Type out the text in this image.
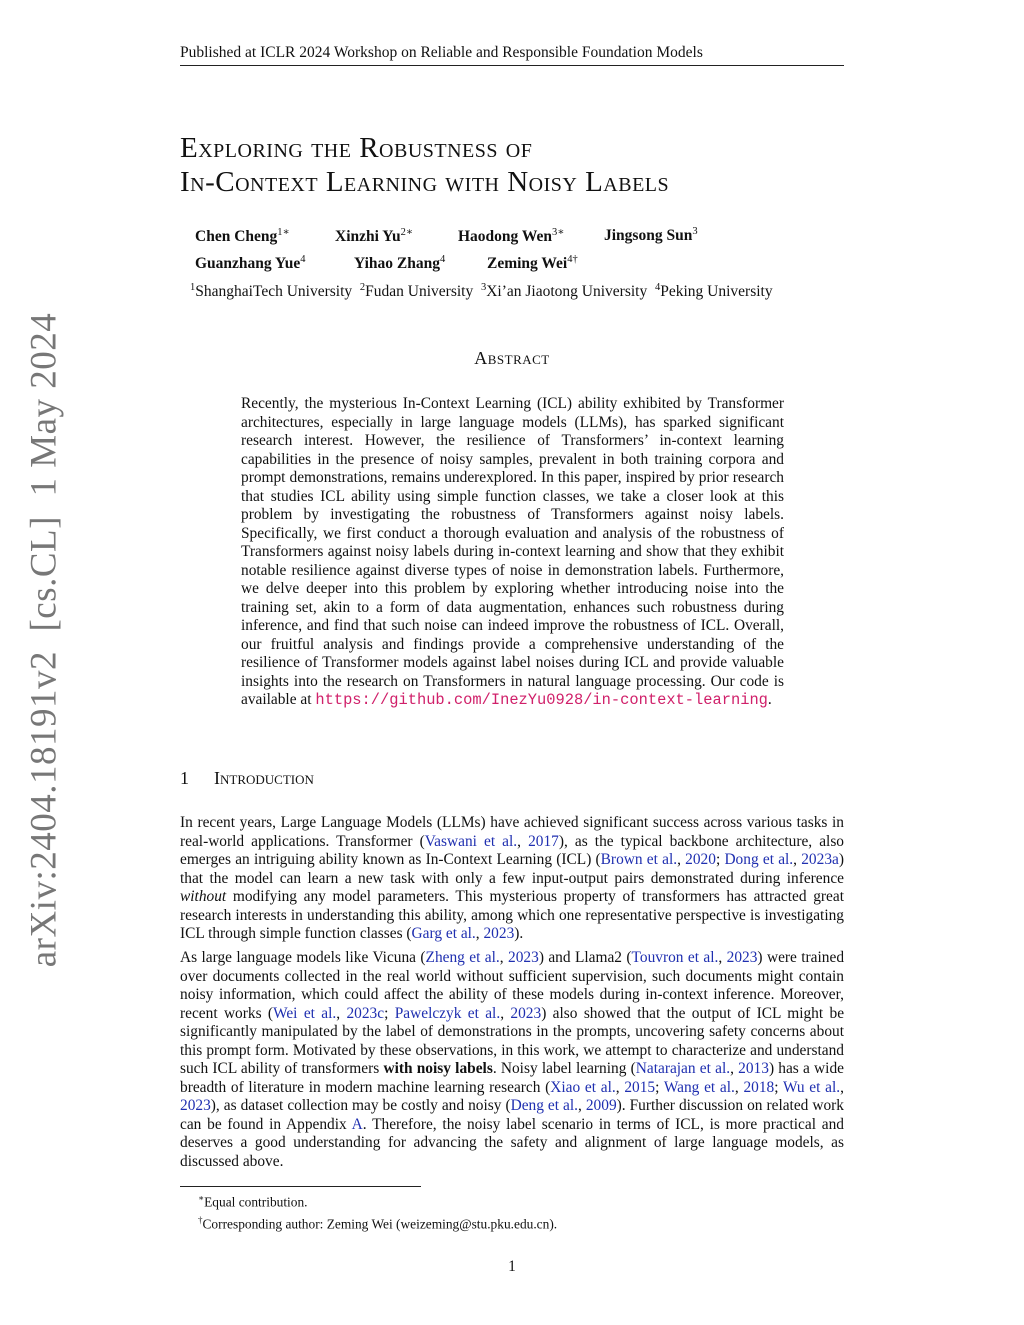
Published at ICLR 2024 Workshop on Reliable and Responsible Foundation Models
arXiv:2404.18191v2  [cs.CL]  1 May 2024
Exploring the Robustness of
In-Context Learning with Noisy Labels
Chen Cheng$^{1∗}$	Xinzhi $Yu^{2∗}$	Haodong Wen$^{3∗}$	Jingsong Sun$^3$
Guanzhang Yue$^4$	Yihao Zhang$^4$	Zeming Wei$^{4\dagger}$
$^1$ShanghaiTech University $^2$Fudan University $^3$Xi’an Jiaotong University $^4$Peking University
Abstract
Recently, the mysterious In-Context Learning (ICL) ability exhibited by Transformer architectures, especially in large language models (LLMs), has sparked significant research interest. However, the resilience of Transformers’ in-context learning capabilities in the presence of noisy samples, prevalent in both training corpora and prompt demonstrations, remains underexplored. In this paper, inspired by prior research that studies ICL ability using simple function classes, we take a closer look at this problem by investigating the robustness of Transformers against noisy labels. Specifically, we first conduct a thorough evaluation and analysis of the robustness of Transformers against noisy labels during in-context learning and show that they exhibit notable resilience against diverse types of noise in demonstration labels. Furthermore, we delve deeper into this problem by exploring whether introducing noise into the training set, akin to a form of data augmentation, enhances such robustness during inference, and find that such noise can indeed improve the robustness of ICL. Overall, our fruitful analysis and findings provide a comprehensive understanding of the resilience of Transformer models against label noises during ICL and provide valuable insights into the research on Transformers in natural language processing. Our code is available at https://github.com/InezYu0928/in-context-learning.
1 Introduction
In recent years, Large Language Models (LLMs) have achieved significant success across various tasks in real-world applications. Transformer (Vaswani et al., 2017), as the typical backbone architecture, also emerges an intriguing ability known as In-Context Learning (ICL) (Brown et al., 2020; Dong et al., 2023a) that the model can learn a new task with only a few input-output pairs demonstrated during inference without modifying any model parameters. This mysterious property of transformers has attracted great research interests in understanding this ability, among which one representative perspective is investigating ICL through simple function classes (Garg et al., 2023).
As large language models like Vicuna (Zheng et al., 2023) and Llama2 (Touvron et al., 2023) were trained over documents collected in the real world without sufficient supervision, such documents might contain noisy information, which could affect the ability of these models during in-context inference. Moreover, recent works (Wei et al., 2023c; Pawelczyk et al., 2023) also showed that the output of ICL might be significantly manipulated by the label of demonstrations in the prompts, uncovering safety concerns about this prompt form. Motivated by these observations, in this work, we attempt to characterize and understand such ICL ability of transformers with noisy labels. Noisy label learning (Natarajan et al., 2013) has a wide breadth of literature in modern machine learning research (Xiao et al., 2015; Wang et al., 2018; Wu et al., 2023), as dataset collection may be costly and noisy (Deng et al., 2009). Further discussion on related work can be found in Appendix A. Therefore, the noisy label scenario in terms of ICL, is more practical and deserves a good understanding for advancing the safety and alignment of large language models, as discussed above.
∗Equal contribution.
†Corresponding author: Zeming Wei (weizeming@stu.pku.edu.cn).
1
